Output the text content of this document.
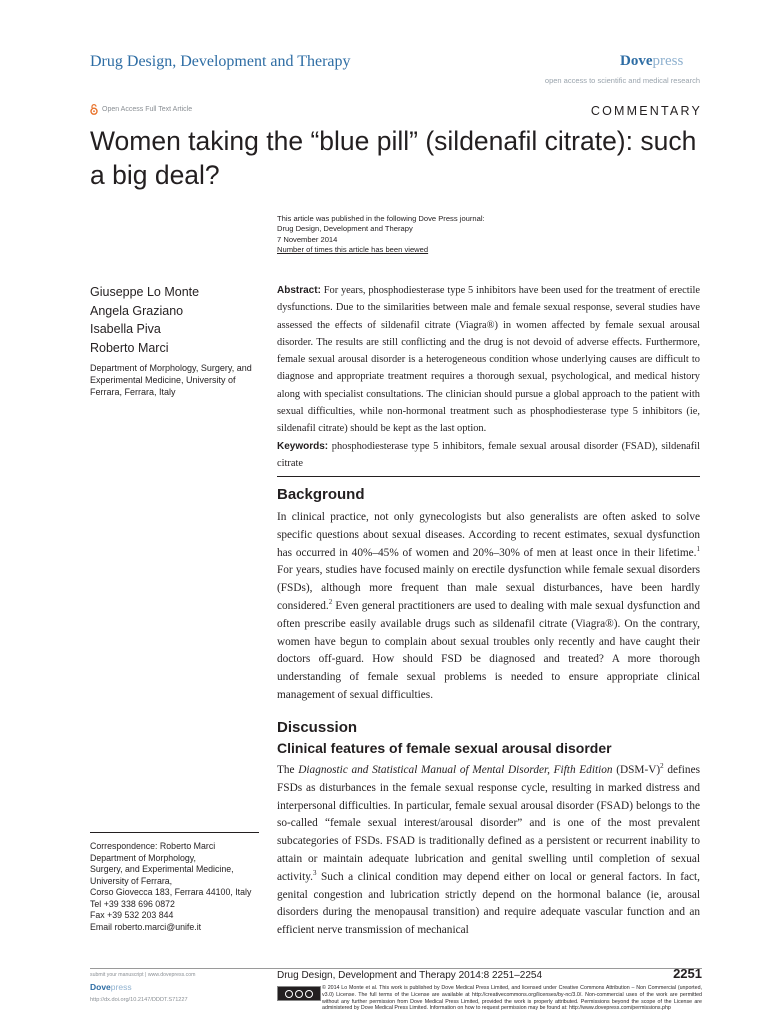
Drug Design, Development and Therapy	Dovepress
open access to scientific and medical research
Open Access Full Text Article	COMMENTARY
Women taking the “blue pill” (sildenafil citrate): such a big deal?
This article was published in the following Dove Press journal:
Drug Design, Development and Therapy
7 November 2014
Number of times this article has been viewed
Giuseppe Lo Monte
Angela Graziano
Isabella Piva
Roberto Marci
Department of Morphology, Surgery, and Experimental Medicine, University of Ferrara, Ferrara, Italy
Abstract: For years, phosphodiesterase type 5 inhibitors have been used for the treatment of erectile dysfunctions. Due to the similarities between male and female sexual response, several studies have assessed the effects of sildenafil citrate (Viagra®) in women affected by female sexual arousal disorder. The results are still conflicting and the drug is not devoid of adverse effects. Furthermore, female sexual arousal disorder is a heterogeneous condition whose underlying causes are difficult to diagnose and appropriate treatment requires a thorough sexual, psychological, and medical history along with specialist consultations. The clinician should pursue a global approach to the patient with sexual difficulties, while non-hormonal treatment such as phosphodiesterase type 5 inhibitors (ie, sildenafil citrate) should be kept as the last option.
Keywords: phosphodiesterase type 5 inhibitors, female sexual arousal disorder (FSAD), sildenafil citrate
Background

In clinical practice, not only gynecologists but also generalists are often asked to solve specific questions about sexual diseases. According to recent estimates, sexual dysfunction has occurred in 40%–45% of women and 20%–30% of men at least once in their lifetime.$^1$ For years, studies have focused mainly on erectile dysfunction while female sexual disorders (FSDs), although more frequent than male sexual disturbances, have been hardly considered.$^2$ Even general practitioners are used to dealing with male sexual dysfunction and often prescribe easily available drugs such as sildenafil citrate (Viagra®). On the contrary, women have begun to complain about sexual troubles only recently and have caught their doctors off-guard. How should FSD be diagnosed and treated? A more thorough understanding of female sexual problems is needed to ensure appropriate clinical management of sexual difficulties.

Discussion
Clinical features of female sexual arousal disorder

The Diagnostic and Statistical Manual of Mental Disorder, Fifth Edition $(DSM-V)^2$ defines FSDs as disturbances in the female sexual response cycle, resulting in marked distress and interpersonal difficulties. In particular, female sexual arousal disorder (FSAD) belongs to the so-called “female sexual interest/arousal disorder” and is one of the most prevalent subcategories of FSDs. FSAD is traditionally defined as a persistent or recurrent inability to attain or maintain adequate lubrication and genital swelling until completion of sexual activity.$^3$ Such a clinical condition may depend either on local or general factors. In fact, genital congestion and lubrication strictly depend on the hormonal balance (ie, arousal disorders during the menopausal transition) and require adequate vascular function and an efficient nerve transmission of mechanical

Correspondence: Roberto Marci
Department of Morphology,
Surgery, and Experimental Medicine,
University of Ferrara,
Corso Giovecca 183, Ferrara 44100, Italy
Tel +39 338 696 0872
Fax +39 532 203 844
Email roberto.marci@unife.it
submit your manuscript | www.dovepress.com
Dovepress
http://dx.doi.org/10.2147/DDDT.S71227
Drug Design, Development and Therapy 2014:8 2251–2254	2251
© 2014 Lo Monte et al. This work is published by Dove Medical Press Limited, and licensed under Creative Commons Attribution – Non Commercial (unported, v3.0) License. The full terms of the License are available at http://creativecommons.org/licenses/by-nc/3.0/. Non-commercial uses of the work are permitted without any further permission from Dove Medical Press Limited, provided the work is properly attributed. Permissions beyond the scope of the License are administered by Dove Medical Press Limited. Information on how to request permission may be found at: http://www.dovepress.com/permissions.php
